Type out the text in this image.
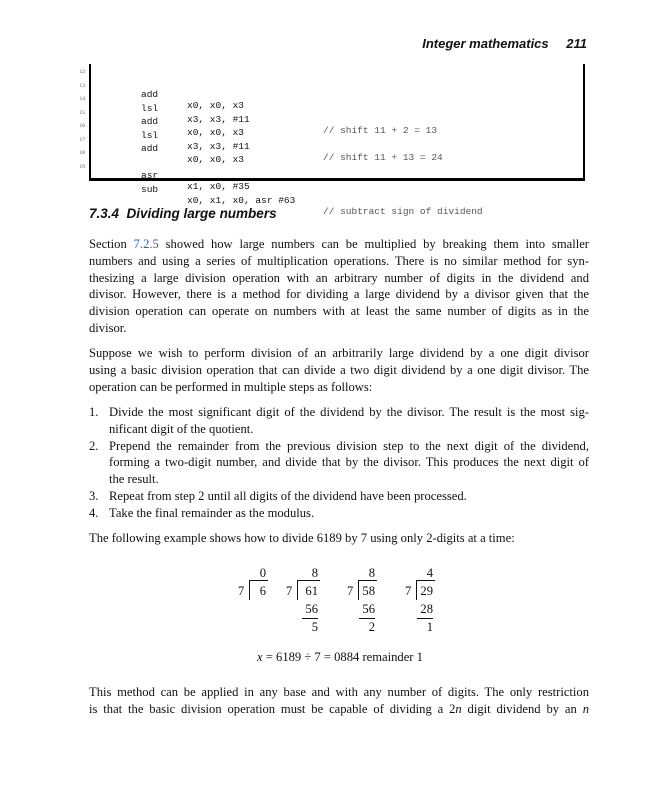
Integer mathematics 211

12

add

x0, x0, x3

13

lsl

x3, x3, #11

// shift 11 + 2 = 13

14

add

x0, x0, x3

15

lsl

x3, x3, #11

// shift 11 + 13 = 24

16

add

x0, x0, x3

17

18

asr

x1, x0, #35

19

sub

x0, x1, x0, asr #63

// subtract sign of dividend

7.3.4 Dividing large numbers
Section 7.2.5 showed how large numbers can be multiplied by breaking them into smaller
numbers and using a series of multiplication operations. There is no similar method for syn-
thesizing a large division operation with an arbitrary number of digits in the dividend and
divisor. However, there is a method for dividing a large dividend by a divisor given that the
division operation can operate on numbers with at least the same number of digits as in the
divisor.
Suppose we wish to perform division of an arbitrarily large dividend by a one digit divisor
using a basic division operation that can divide a two digit dividend by a one digit divisor. The
operation can be performed in multiple steps as follows:
1. Divide the most significant digit of the dividend by the divisor. The result is the most sig-
nificant digit of the quotient.
2. Prepend the remainder from the previous division step to the next digit of the dividend,
forming a two-digit number, and divide that by the divisor. This produces the next digit of
the result.
3. Repeat from step 2 until all digits of the dividend have been processed.
4. Take the final remainder as the modulus.
The following example shows how to divide 6189 by 7 using only 2-digits at a time:
0
7 6
8
7 61
56
5
8
7 58
56
2
4
7 29
28
1
x = 6189 ÷ 7 = 0884 remainder 1
This method can be applied in any base and with any number of digits. The only restriction
is that the basic division operation must be capable of dividing a 2n digit dividend by an n
